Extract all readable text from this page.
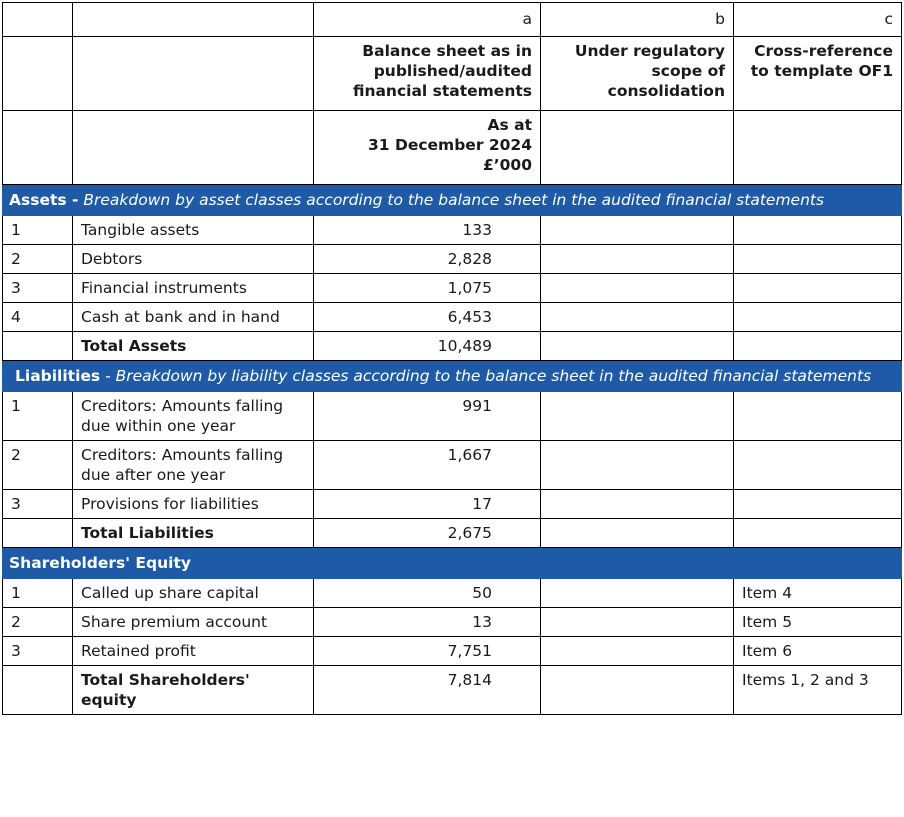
		a	b	c
		Balance sheet as in published/audited financial statements	Under regulatory scope of consolidation	Cross-reference to template OF1

		As at
31 December 2024
£’000		

Assets - Breakdown by asset classes according to the balance sheet in the audited financial statements				
1	Tangible assets	133		
2	Debtors	2,828		
3	Financial instruments	1,075		
4	Cash at bank and in hand	6,453		
	Total Assets	10,489		

Liabilities - Breakdown by liability classes according to the balance sheet in the audited financial statements				

1	Creditors: Amounts falling due within one year	991		
2	Creditors: Amounts falling due after one year	1,667		
3	Provisions for liabilities	17		
	Total Liabilities	2,675		
Shareholders' Equity				
1	Called up share capital	50		Item 4
2	Share premium account	13		Item 5
3	Retained profit	7,751		Item 6
	Total Shareholders' equity	7,814		Items 1, 2 and 3
